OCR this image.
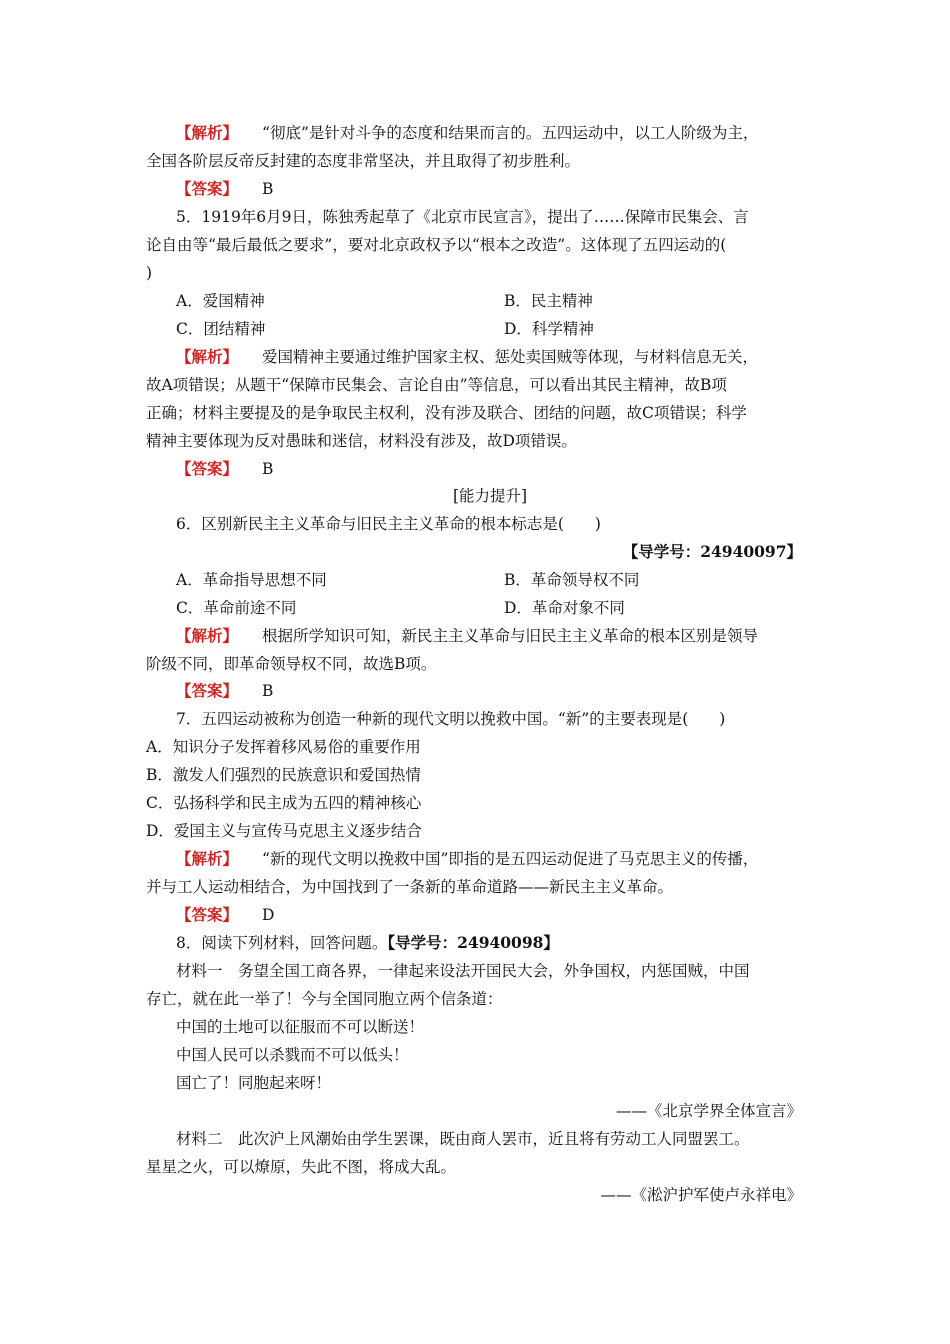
【解析】 “彻底”是针对斗争的态度和结果而言的。五四运动中，以工人阶级为主，
全国各阶层反帝反封建的态度非常坚决，并且取得了初步胜利。
【答案】 B
5．1919年6月9日，陈独秀起草了《北京市民宣言》，提出了……保障市民集会、言
论自由等“最后最低之要求”，要对北京政权予以“根本之改造”。这体现了五四运动的(
)
A．爱国精神	B．民主精神
C．团结精神	D．科学精神
【解析】 爱国精神主要通过维护国家主权、惩处卖国贼等体现，与材料信息无关，
故A项错误；从题干“保障市民集会、言论自由”等信息，可以看出其民主精神，故B项
正确；材料主要提及的是争取民主权利，没有涉及联合、团结的问题，故C项错误；科学
精神主要体现为反对愚昧和迷信，材料没有涉及，故D项错误。
【答案】 B
[能力提升]
6．区别新民主主义革命与旧民主主义革命的根本标志是(　　)
【导学号：24940097】
A．革命指导思想不同	B．革命领导权不同
C．革命前途不同	D．革命对象不同
【解析】 根据所学知识可知，新民主主义革命与旧民主主义革命的根本区别是领导
阶级不同，即革命领导权不同，故选B项。
【答案】 B
7．五四运动被称为创造一种新的现代文明以挽救中国。“新”的主要表现是(　　)
A．知识分子发挥着移风易俗的重要作用
B．激发人们强烈的民族意识和爱国热情
C．弘扬科学和民主成为五四的精神核心
D．爱国主义与宣传马克思主义逐步结合
【解析】 “新的现代文明以挽救中国”即指的是五四运动促进了马克思主义的传播，
并与工人运动相结合，为中国找到了一条新的革命道路——新民主主义革命。
【答案】 D
8．阅读下列材料，回答问题。【导学号：24940098】
材料一　务望全国工商各界，一律起来设法开国民大会，外争国权，内惩国贼，中国
存亡，就在此一举了！今与全国同胞立两个信条道：
中国的土地可以征服而不可以断送！
中国人民可以杀戮而不可以低头！
国亡了！同胞起来呀！
——《北京学界全体宣言》
材料二　此次沪上风潮始由学生罢课，既由商人罢市，近且将有劳动工人同盟罢工。
星星之火，可以燎原，失此不图，将成大乱。
——《淞沪护军使卢永祥电》
